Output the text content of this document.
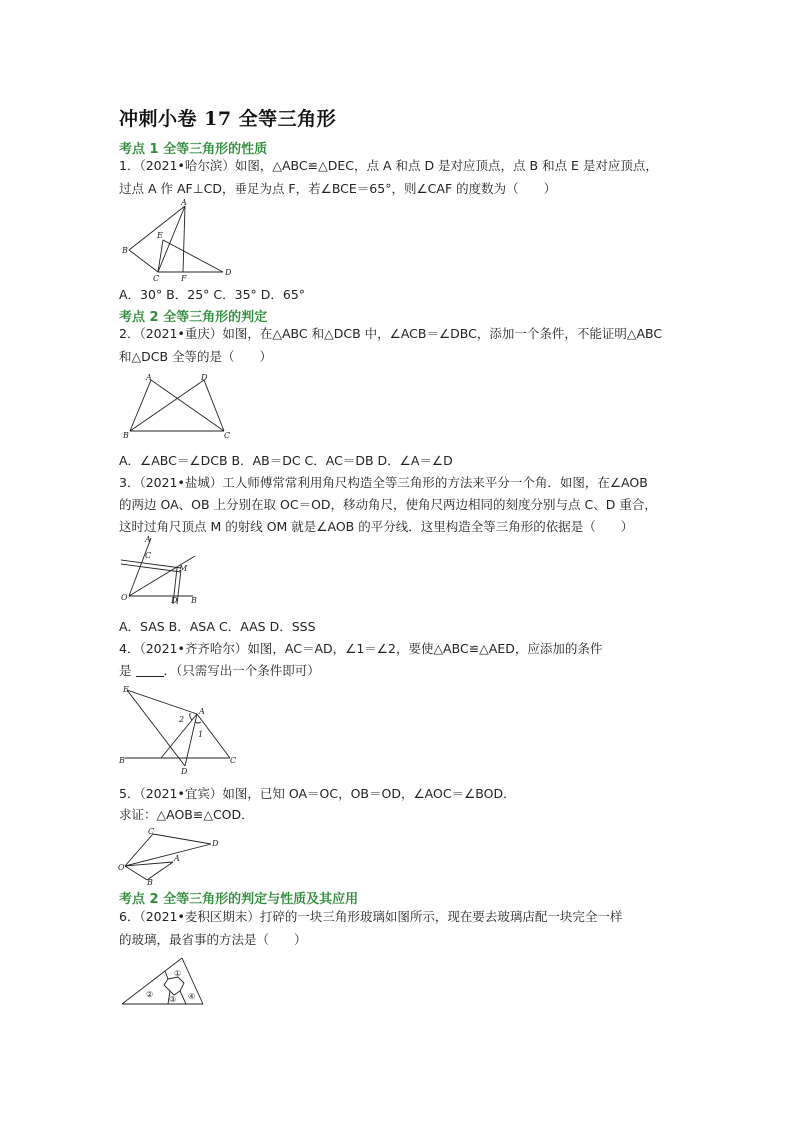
冲刺小卷 17 全等三角形
考点 1 全等三角形的性质
1．（2021•哈尔滨）如图，△ABC≌△DEC，点 A 和点 D 是对应顶点，点 B 和点 E 是对应顶点，
过点 A 作 AF⊥CD，垂足为点 F，若∠BCE＝65°，则∠CAF 的度数为（　　）
A
B
E
C	F
D
A．30° B．25° C．35° D．65°
考点 2 全等三角形的判定
2．（2021•重庆）如图，在△ABC 和△DCB 中，∠ACB＝∠DBC，添加一个条件，不能证明△ABC
和△DCB 全等的是（　　）
A	D
B	C
A．∠ABC＝∠DCB B．AB＝DC C．AC＝DB D．∠A＝∠D
3．（2021•盐城）工人师傅常常利用角尺构造全等三角形的方法来平分一个角．如图，在∠AOB
的两边 OA、OB 上分别在取 OC＝OD，移动角尺，使角尺两边相同的刻度分别与点 C、D 重合，
这时过角尺顶点 M 的射线 OM 就是∠AOB 的平分线．这里构造全等三角形的依据是（　　）
A
C
M
O	D B
A．SAS B．ASA C．AAS D．SSS
4．（2021•齐齐哈尔）如图，AC＝AD，∠1＝∠2，要使△ABC≌△AED，应添加的条件
是	．（只需写出一个条件即可）
E
A
2
1
B	C
D
5．（2021•宜宾）如图，已知 OA＝OC，OB＝OD，∠AOC＝∠BOD．
求证：△AOB≌△COD．
C
D
A
O
B
考点 2 全等三角形的判定与性质及其应用
6．（2021•麦积区期末）打碎的一块三角形玻璃如图所示，现在要去玻璃店配一块完全一样
的玻璃，最省事的方法是（　　）
①
②
③ ④
